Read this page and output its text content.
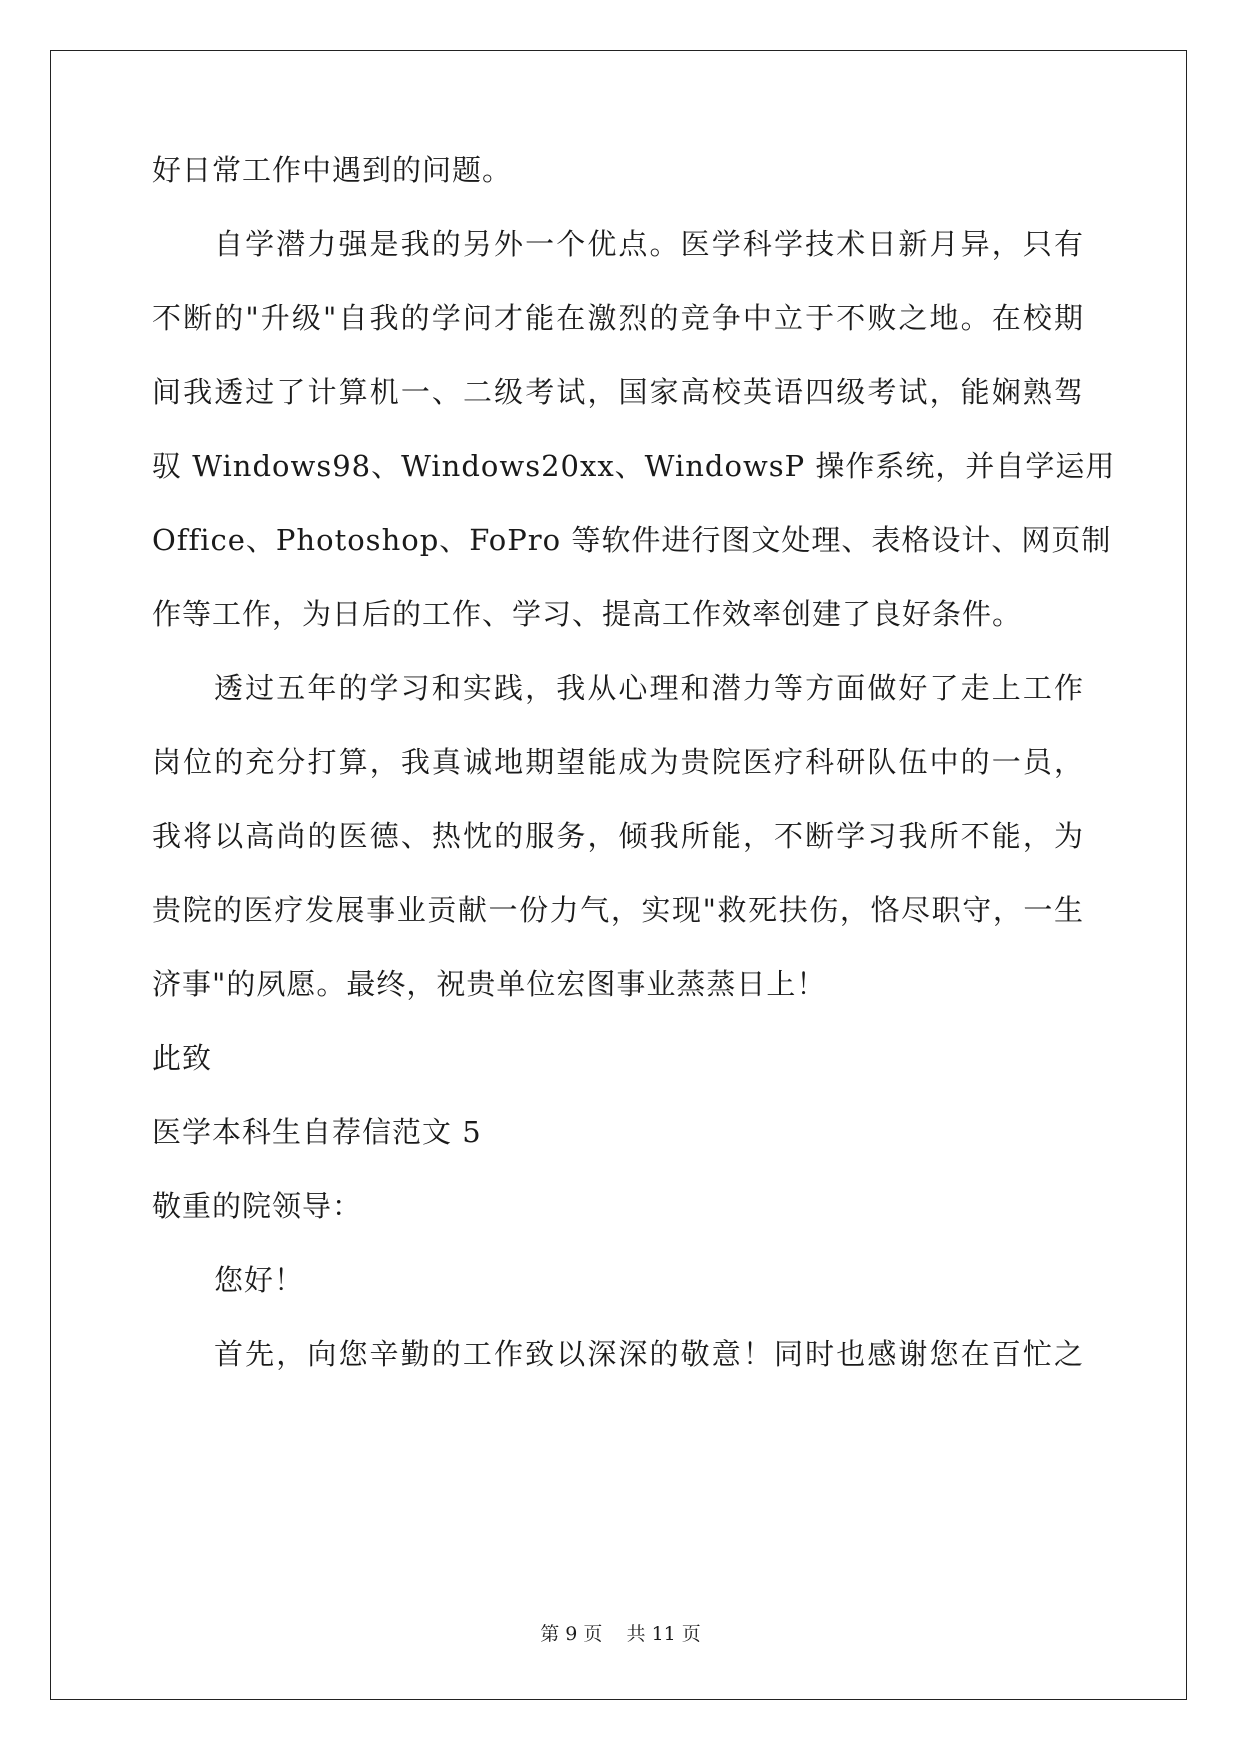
好日常工作中遇到的问题。
自学潜力强是我的另外一个优点。医学科学技术日新月异，只有
不断的"升级"自我的学问才能在激烈的竞争中立于不败之地。在校期
间我透过了计算机一、二级考试，国家高校英语四级考试，能娴熟驾
驭 Windows98、Windows20xx、WindowsP 操作系统，并自学运用
Office、Photoshop、FoPro 等软件进行图文处理、表格设计、网页制
作等工作，为日后的工作、学习、提高工作效率创建了良好条件。
透过五年的学习和实践，我从心理和潜力等方面做好了走上工作
岗位的充分打算，我真诚地期望能成为贵院医疗科研队伍中的一员，
我将以高尚的医德、热忱的服务，倾我所能，不断学习我所不能，为
贵院的医疗发展事业贡献一份力气，实现"救死扶伤，恪尽职守，一生
济事"的夙愿。最终，祝贵单位宏图事业蒸蒸日上！
此致
医学本科生自荐信范文 5
敬重的院领导：
您好！
首先，向您辛勤的工作致以深深的敬意！同时也感谢您在百忙之
第 9 页    共 11 页
